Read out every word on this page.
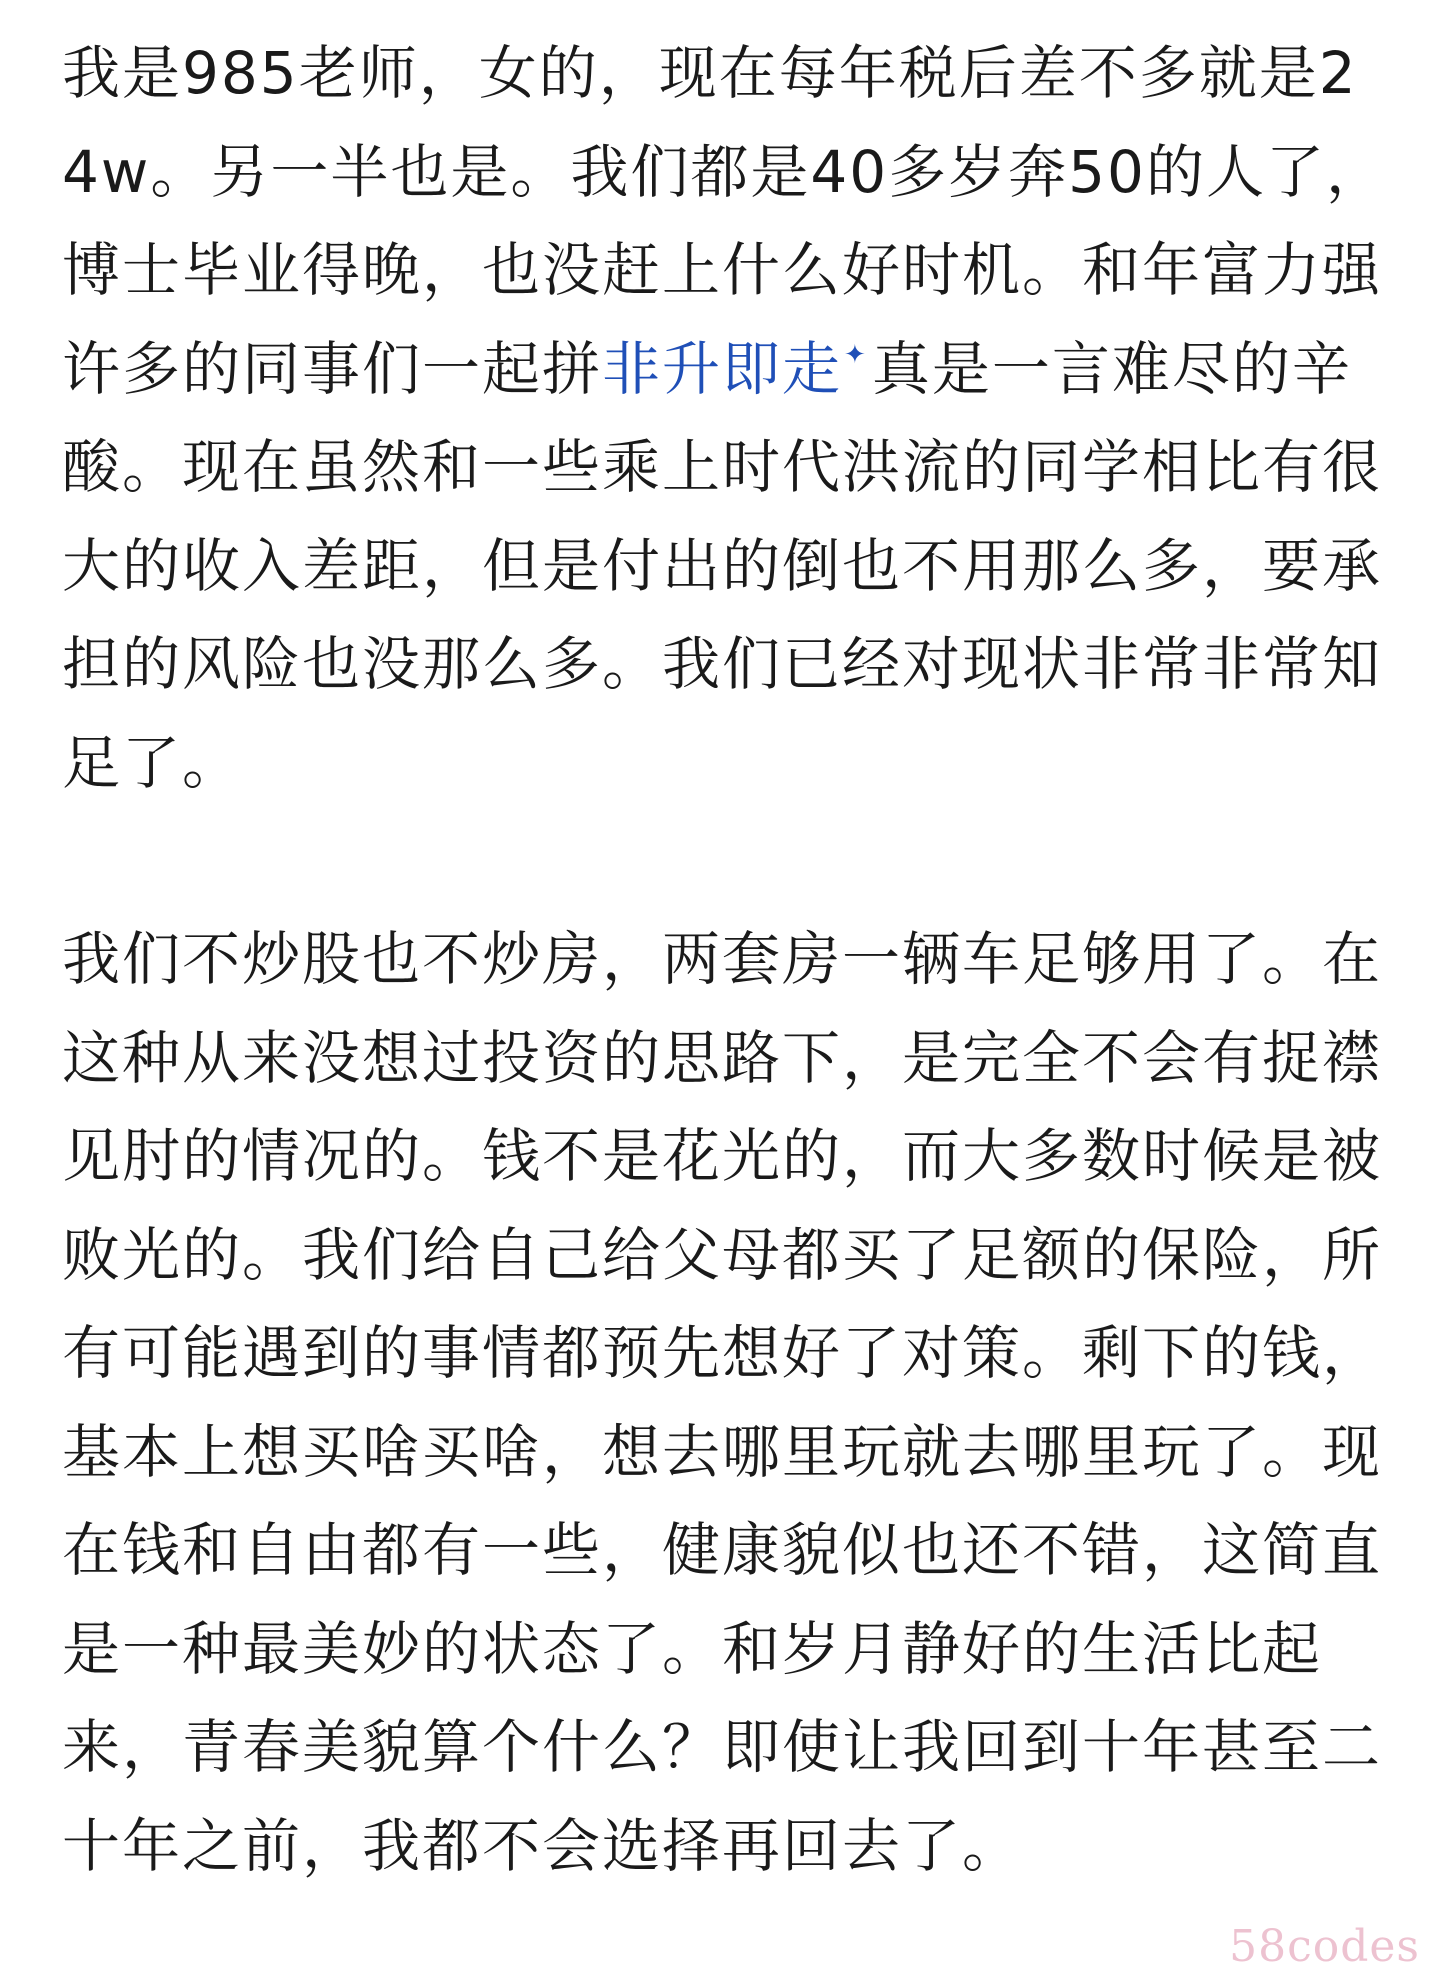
我是985老师，女的，现在每年税后差不多就是24w。另一半也是。我们都是40多岁奔50的人了，博士毕业得晚，也没赶上什么好时机。和年富力强许多的同事们一起拼非升即走✦真是一言难尽的辛酸。现在虽然和一些乘上时代洪流的同学相比有很大的收入差距，但是付出的倒也不用那么多，要承担的风险也没那么多。我们已经对现状非常非常知足了。

我们不炒股也不炒房，两套房一辆车足够用了。在这种从来没想过投资的思路下，是完全不会有捉襟见肘的情况的。钱不是花光的，而大多数时候是被败光的。我们给自己给父母都买了足额的保险，所有可能遇到的事情都预先想好了对策。剩下的钱，基本上想买啥买啥，想去哪里玩就去哪里玩了。现在钱和自由都有一些，健康貌似也还不错，这简直是一种最美妙的状态了。和岁月静好的生活比起来，青春美貌算个什么？即使让我回到十年甚至二十年之前，我都不会选择再回去了。

58codes
